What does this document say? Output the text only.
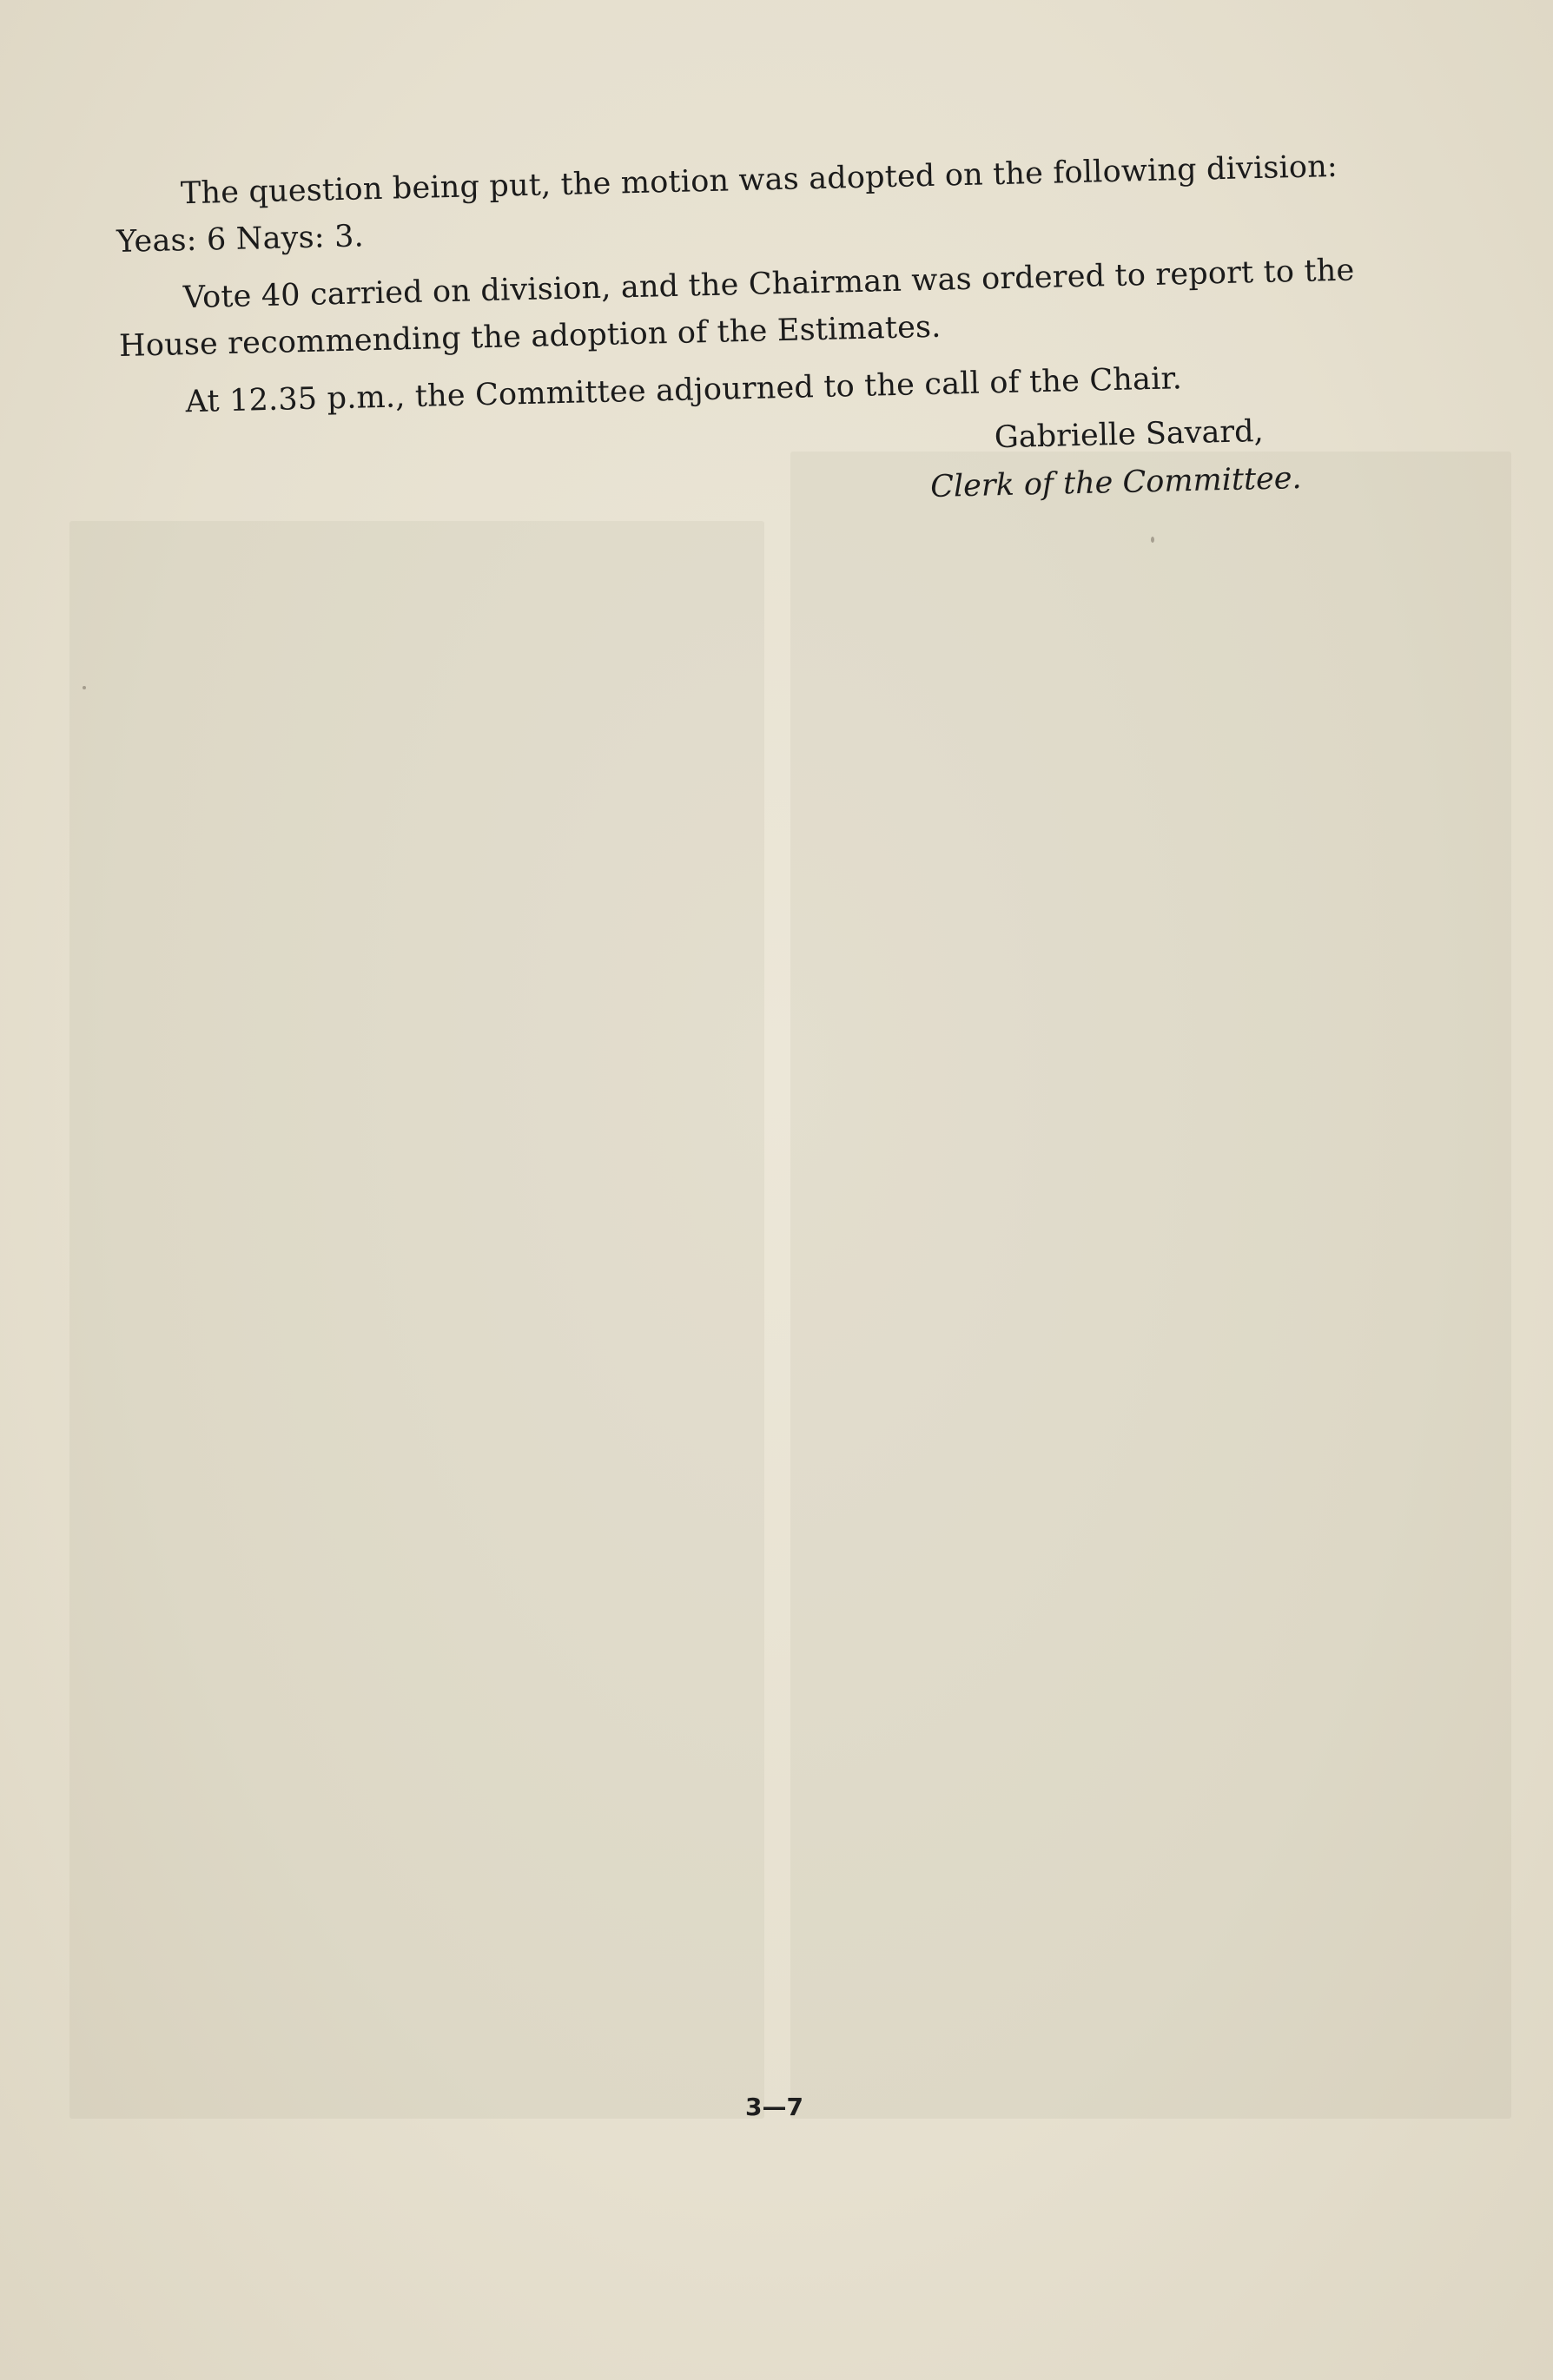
The question being put, the motion was adopted on the following division:

Yeas: 6 Nays: 3.

Vote 40 carried on division, and the Chairman was ordered to report to the

House recommending the adoption of the Estimates.

At 12.35 p.m., the Committee adjourned to the call of the Chair.

Gabrielle Savard,

Clerk of the Committee.

3—7
